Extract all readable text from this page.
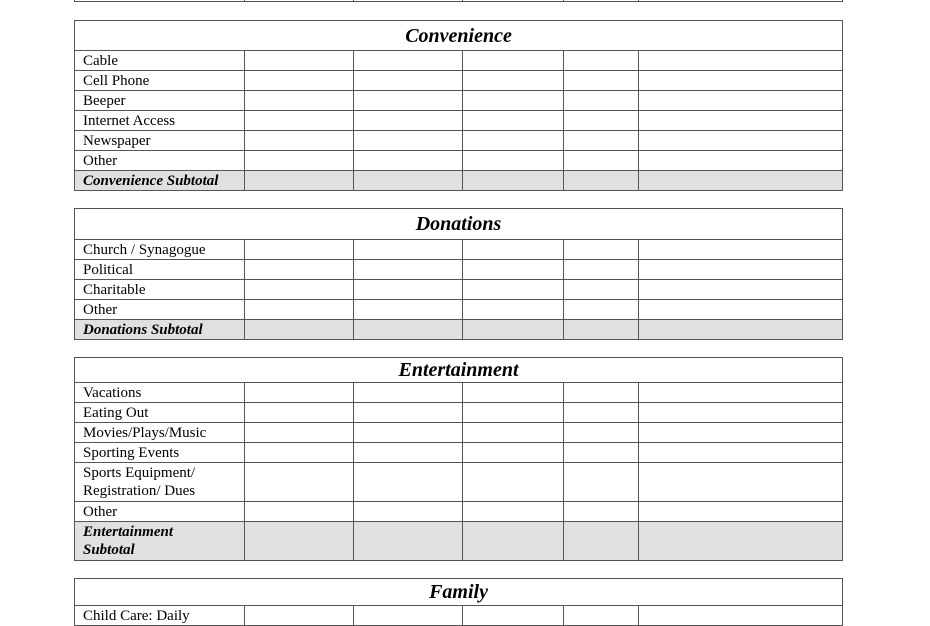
Convenience					
Cable					
Cell Phone					
Beeper					
Internet Access					
Newspaper					
Other					
Convenience Subtotal					
Donations					
Church / Synagogue					
Political					
Charitable					
Other					
Donations Subtotal					
Entertainment					
Vacations					
Eating Out					
Movies/Plays/Music					
Sporting Events					
Sports Equipment/ Registration/ Dues					
Other					
Entertainment Subtotal					
Family
Child Care: Daily					
